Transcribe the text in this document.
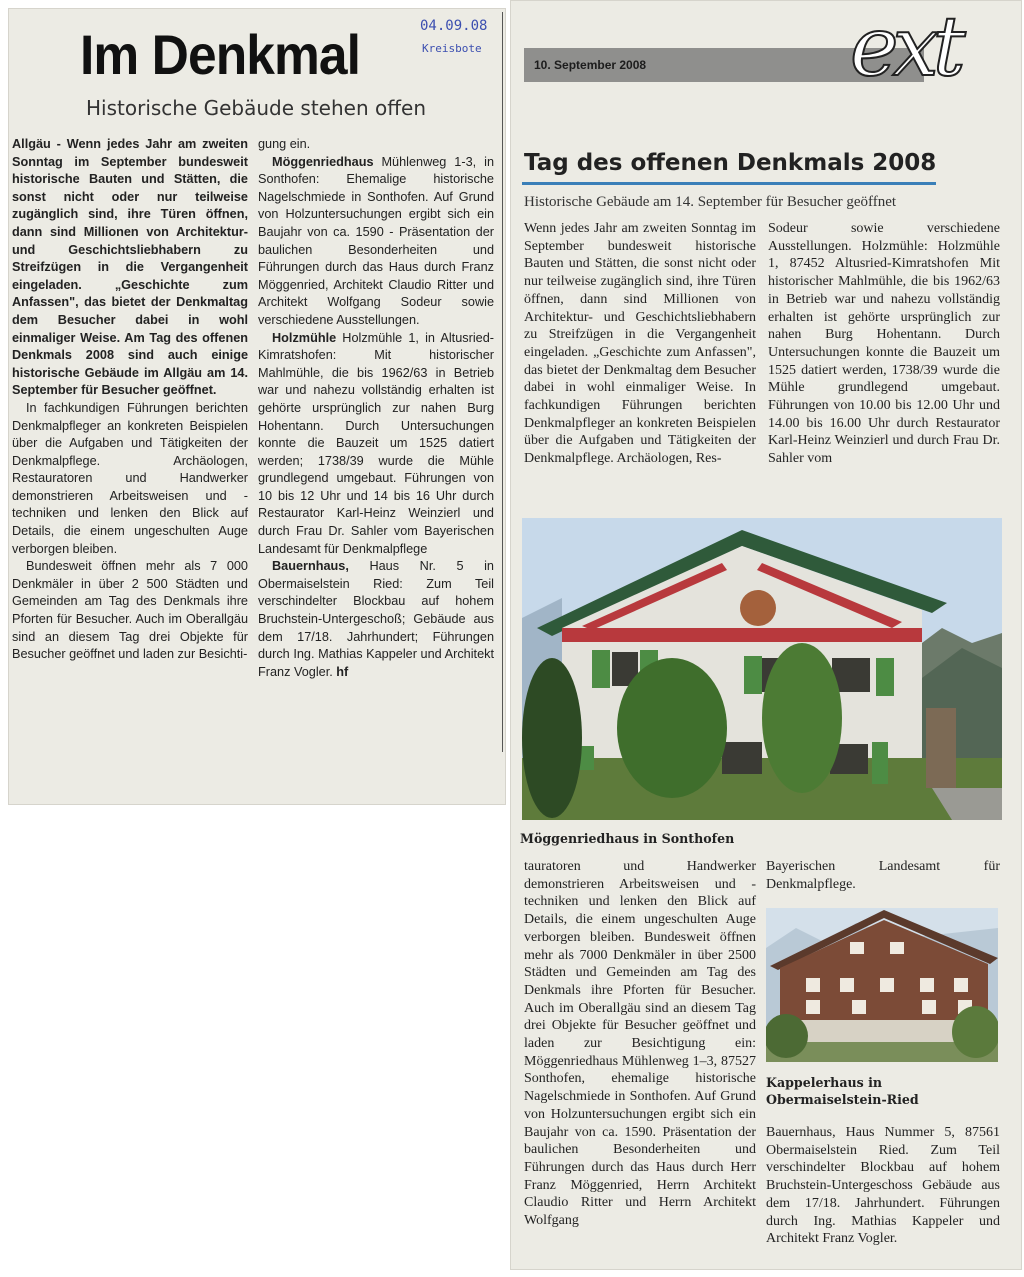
Im Denkmal	04.09.08
Kreisbote
Historische Gebäude stehen offen

Allgäu - Wenn jedes Jahr am zweiten Sonntag im September bundesweit historische Bauten und Stätten, die sonst nicht oder nur teilweise zugänglich sind, ihre Türen öffnen, dann sind Millionen von Architektur- und Geschichtsliebhabern zu Streifzügen in die Vergangenheit eingeladen. „Geschichte zum Anfassen", das bietet der Denkmaltag dem Besucher dabei in wohl einmaliger Weise. Am Tag des offenen Denkmals 2008 sind auch einige historische Gebäude im Allgäu am 14. September für Besucher geöffnet.

In fachkundigen Führungen berichten Denkmalpfleger an konkreten Beispielen über die Aufgaben und Tätigkeiten der Denkmalpflege. Archäologen, Restauratoren und Handwerker demonstrieren Arbeitsweisen und -techniken und lenken den Blick auf Details, die einem ungeschulten Auge verborgen bleiben.

Bundesweit öffnen mehr als 7 000 Denkmäler in über 2 500 Städten und Gemeinden am Tag des Denkmals ihre Pforten für Besucher. Auch im Oberallgäu sind an diesem Tag drei Objekte für Besucher geöffnet und laden zur Besichti-

gung ein.

Möggenriedhaus Mühlenweg 1-3, in Sonthofen: Ehemalige historische Nagelschmiede in Sonthofen. Auf Grund von Holzuntersuchungen ergibt sich ein Baujahr von ca. 1590 - Präsentation der baulichen Besonderheiten und Führungen durch das Haus durch Franz Möggenried, Architekt Claudio Ritter und Architekt Wolfgang Sodeur sowie verschiedene Ausstellungen.

Holzmühle Holzmühle 1, in Altusried-Kimratshofen: Mit historischer Mahlmühle, die bis 1962/63 in Betrieb war und nahezu vollständig erhalten ist gehörte ursprünglich zur nahen Burg Hohentann. Durch Untersuchungen konnte die Bauzeit um 1525 datiert werden; 1738/39 wurde die Mühle grundlegend umgebaut. Führungen von 10 bis 12 Uhr und 14 bis 16 Uhr durch Restaurator Karl-Heinz Weinzierl und durch Frau Dr. Sahler vom Bayerischen Landesamt für Denkmalpflege

Bauernhaus, Haus Nr. 5 in Obermaiselstein Ried: Zum Teil verschindelter Blockbau auf hohem Bruchstein-Untergeschoß; Gebäude aus dem 17/18. Jahrhundert; Führungen durch Ing. Mathias Kappeler und Architekt Franz Vogler. hf

10. September 2008	ext
Tag des offenen Denkmals 2008
Historische Gebäude am 14. September für Besucher geöffnet

Wenn jedes Jahr am zweiten Sonntag im September bundesweit historische Bauten und Stätten, die sonst nicht oder nur teilweise zugänglich sind, ihre Türen öffnen, dann sind Millionen von Architektur- und Geschichtsliebhabern zu Streifzügen in die Vergangenheit eingeladen. „Geschichte zum Anfassen", das bietet der Denkmaltag dem Besucher dabei in wohl einmaliger Weise. In fachkundigen Führungen berichten Denkmalpfleger an konkreten Beispielen über die Aufgaben und Tätigkeiten der Denkmalpflege. Archäologen, Res-

Sodeur sowie verschiedene Ausstellungen. Holzmühle: Holzmühle 1, 87452 Altusried-Kimratshofen Mit historischer Mahlmühle, die bis 1962/63 in Betrieb war und nahezu vollständig erhalten ist gehörte ursprünglich zur nahen Burg Hohentann. Durch Untersuchungen konnte die Bauzeit um 1525 datiert werden, 1738/39 wurde die Mühle grundlegend umgebaut. Führungen von 10.00 bis 12.00 Uhr und 14.00 bis 16.00 Uhr durch Restaurator Karl-Heinz Weinzierl und durch Frau Dr. Sahler vom

Möggenriedhaus in Sonthofen

tauratoren und Handwerker demonstrieren Arbeitsweisen und -techniken und lenken den Blick auf Details, die einem ungeschulten Auge verborgen bleiben. Bundesweit öffnen mehr als 7000 Denkmäler in über 2500 Städten und Gemeinden am Tag des Denkmals ihre Pforten für Besucher. Auch im Oberallgäu sind an diesem Tag drei Objekte für Besucher geöffnet und laden zur Besichtigung ein: Möggenriedhaus Mühlenweg 1–3, 87527 Sonthofen, ehemalige historische Nagelschmiede in Sonthofen. Auf Grund von Holzuntersuchungen ergibt sich ein Baujahr von ca. 1590. Präsentation der baulichen Besonderheiten und Führungen durch das Haus durch Herr Franz Möggenried, Herrn Architekt Claudio Ritter und Herrn Architekt Wolfgang

Bayerischen Landesamt für Denkmalpflege.

Kappelerhaus in Obermaiselstein-Ried

Bauernhaus, Haus Nummer 5, 87561 Obermaiselstein Ried. Zum Teil verschindelter Blockbau auf hohem Bruchstein-Untergeschoss Gebäude aus dem 17/18. Jahrhundert. Führungen durch Ing. Mathias Kappeler und Architekt Franz Vogler.
